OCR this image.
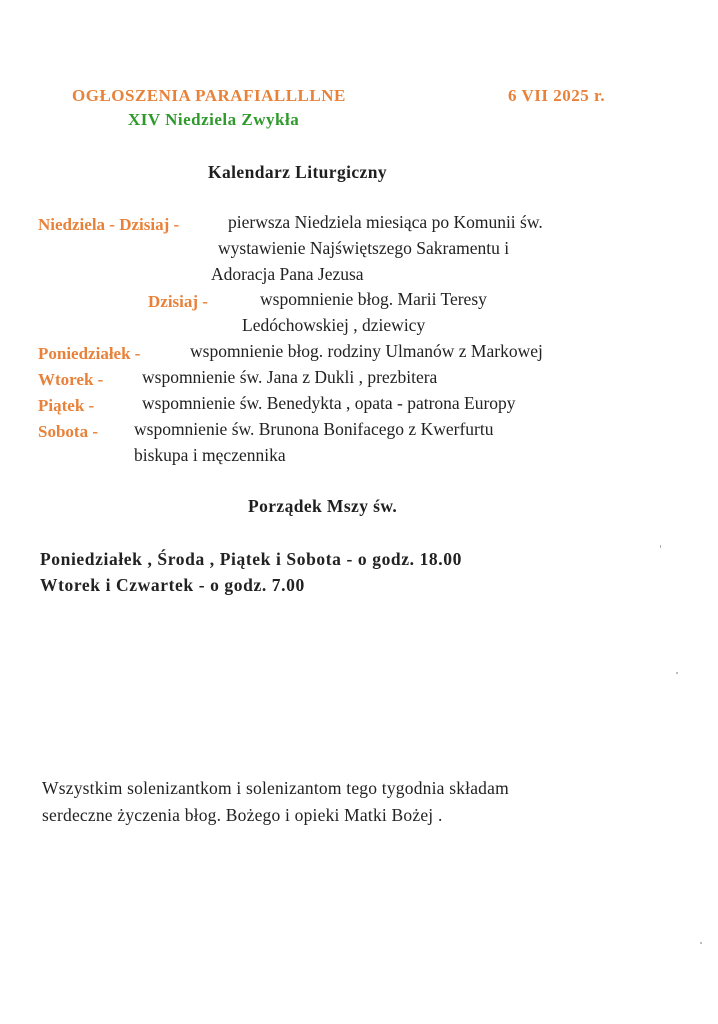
OGŁOSZENIA PARAFIALLLLNE	6 VII 2025 r.
XIV Niedziela Zwykła
Kalendarz Liturgiczny
Niedziela - Dzisiaj -	pierwsza Niedziela miesiąca po Komunii św.
wystawienie Najświętszego Sakramentu i
Adoracja Pana Jezusa
Dzisiaj -	wspomnienie błog. Marii Teresy
Ledóchowskiej , dziewicy
Poniedziałek -	wspomnienie błog. rodziny Ulmanów z Markowej
Wtorek - wspomnienie św. Jana z Dukli , prezbitera
Piątek -	wspomnienie św. Benedykta , opata - patrona Europy
Sobota - wspomnienie św. Brunona Bonifacego z Kwerfurtu
biskupa i męczennika
Porządek Mszy św.
Poniedziałek , Środa , Piątek i Sobota - o godz. 18.00
Wtorek i Czwartek - o godz. 7.00
Wszystkim solenizantkom i solenizantom tego tygodnia składam
serdeczne życzenia błog. Bożego i opieki Matki Bożej .
